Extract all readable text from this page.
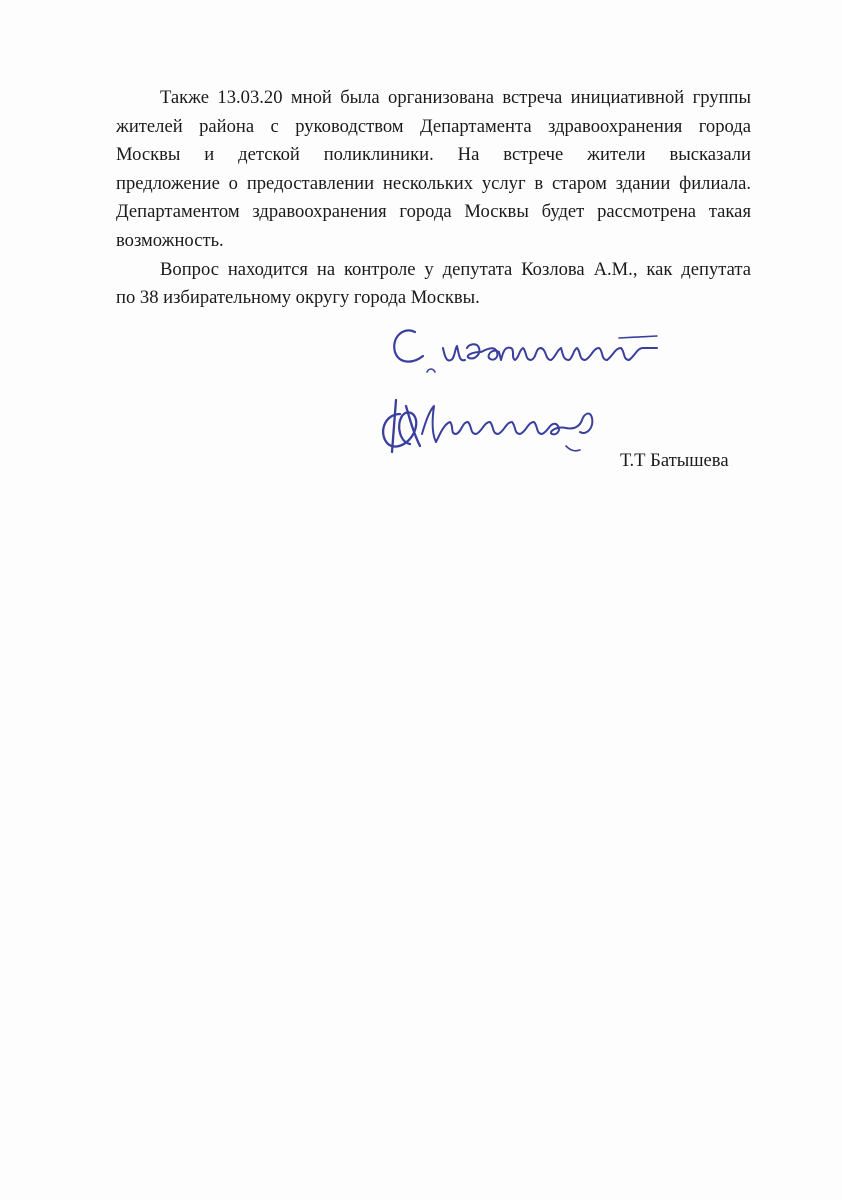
Также 13.03.20 мной была организована встреча инициативной группы
жителей района с руководством Департамента здравоохранения города
Москвы и детской поликлиники. На встрече жители высказали
предложение о предоставлении нескольких услуг в старом здании филиала.
Департаментом здравоохранения города Москвы будет рассмотрена такая
возможность.

Вопрос находится на контроле у депутата Козлова А.М., как депутата
по 38 избирательному округу города Москвы.

Т.Т Батышева
